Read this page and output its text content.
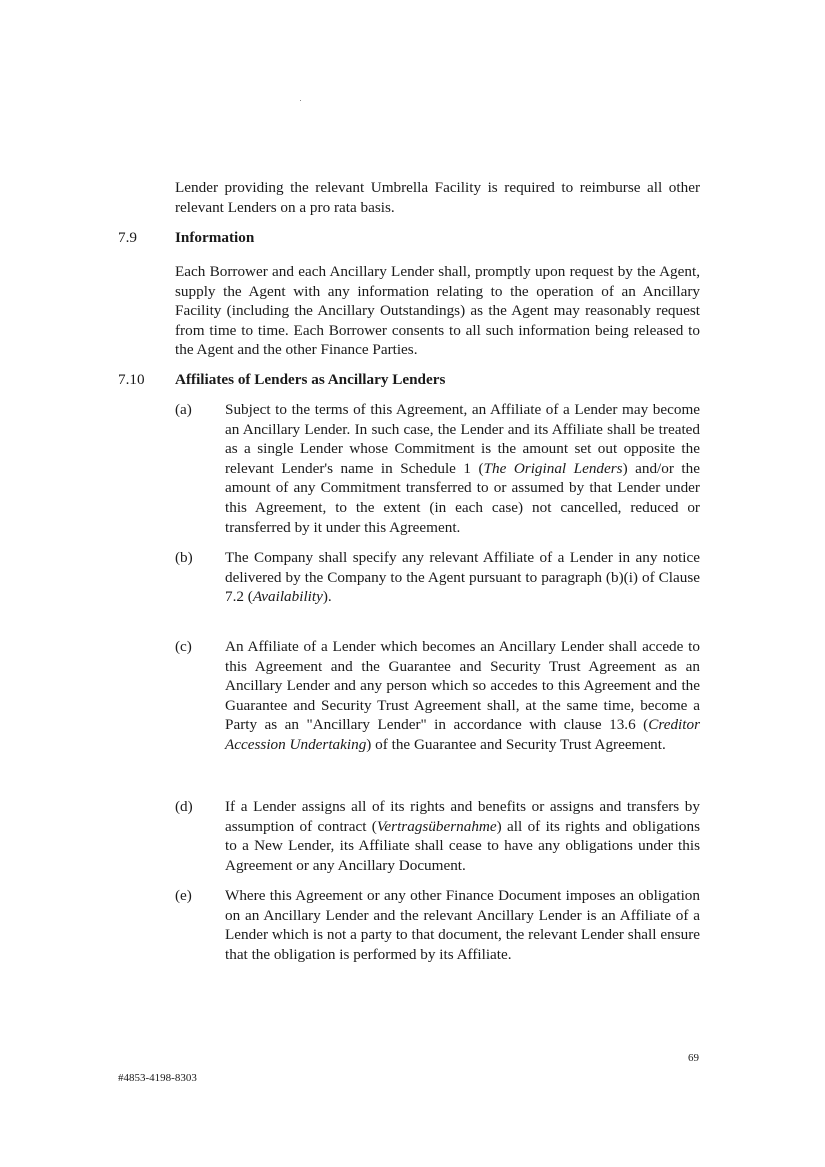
Lender providing the relevant Umbrella Facility is required to reimburse all other relevant Lenders on a pro rata basis.

7.9	Information

Each Borrower and each Ancillary Lender shall, promptly upon request by the Agent, supply the Agent with any information relating to the operation of an Ancillary Facility (including the Ancillary Outstandings) as the Agent may reasonably request from time to time. Each Borrower consents to all such information being released to the Agent and the other Finance Parties.

7.10 Affiliates of Lenders as Ancillary Lenders
(a)	Subject to the terms of this Agreement, an Affiliate of a Lender may become an Ancillary Lender. In such case, the Lender and its Affiliate shall be treated as a single Lender whose Commitment is the amount set out opposite the relevant Lender's name in Schedule 1 (The Original Lenders) and/or the amount of any Commitment transferred to or assumed by that Lender under this Agreement, to the extent (in each case) not cancelled, reduced or transferred by it under this Agreement.
(b)	The Company shall specify any relevant Affiliate of a Lender in any notice delivered by the Company to the Agent pursuant to paragraph (b)(i) of Clause 7.2 (Availability).
(c)	An Affiliate of a Lender which becomes an Ancillary Lender shall accede to this Agreement and the Guarantee and Security Trust Agreement as an Ancillary Lender and any person which so accedes to this Agreement and the Guarantee and Security Trust Agreement shall, at the same time, become a Party as an "Ancillary Lender" in accordance with clause 13.6 (Creditor Accession Undertaking) of the Guarantee and Security Trust Agreement.
(d)	If a Lender assigns all of its rights and benefits or assigns and transfers by assumption of contract (Vertragsübernahme) all of its rights and obligations to a New Lender, its Affiliate shall cease to have any obligations under this Agreement or any Ancillary Document.
(e)	Where this Agreement or any other Finance Document imposes an obligation on an Ancillary Lender and the relevant Ancillary Lender is an Affiliate of a Lender which is not a party to that document, the relevant Lender shall ensure that the obligation is performed by its Affiliate.
69
#4853-4198-8303
